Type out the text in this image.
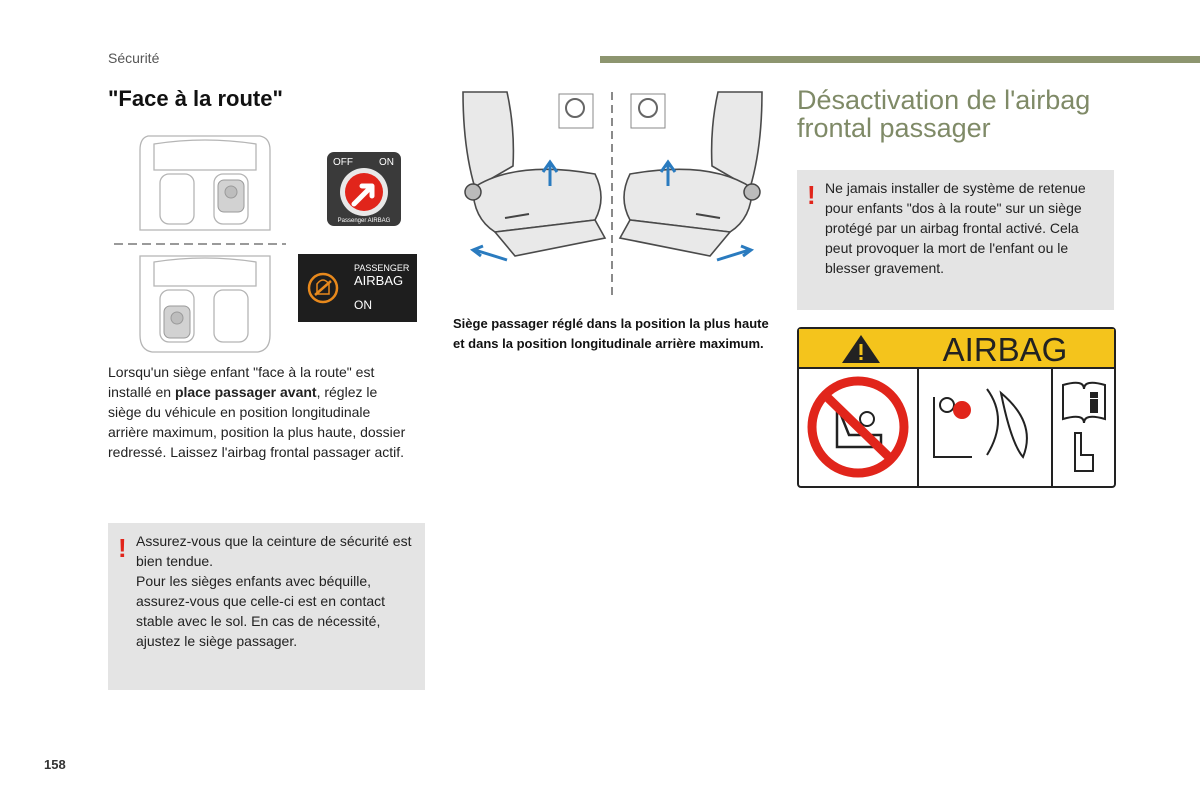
Sécurité
"Face à la route"
OFF	ON
Passenger AIRBAG
PASSENGER
AIRBAG
ON
Lorsqu'un siège enfant "face à la route" est installé en place passager avant, réglez le siège du véhicule en position longitudinale arrière maximum, position la plus haute, dossier redressé. Laissez l'airbag frontal passager actif.
! Assurez-vous que la ceinture de sécurité est bien tendue.
Pour les sièges enfants avec béquille, assurez-vous que celle-ci est en contact stable avec le sol. En cas de nécessité, ajustez le siège passager.
158
Siège passager réglé dans la position la plus haute et dans la position longitudinale arrière maximum.
Désactivation de l'airbag frontal passager
! Ne jamais installer de système de retenue pour enfants "dos à la route" sur un siège protégé par un airbag frontal activé. Cela peut provoquer la mort de l'enfant ou le blesser gravement.
AIRBAG
